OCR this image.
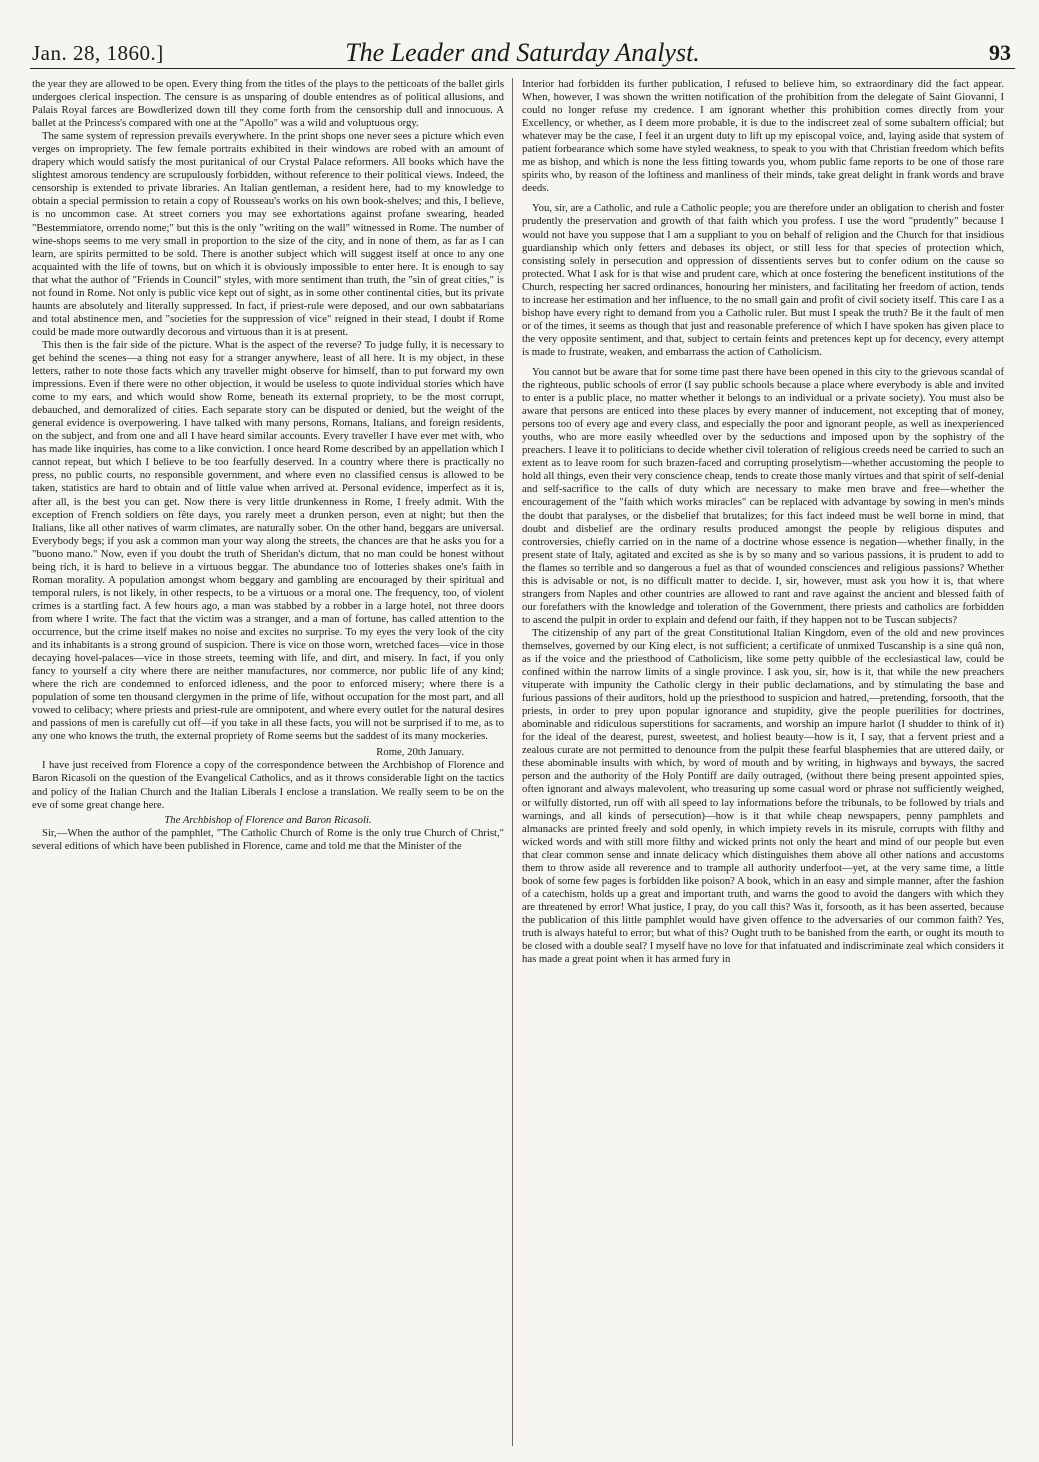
Jan. 28, 1860.]	The Leader and Saturday Analyst.	93

the year they are allowed to be open. Every thing from the titles of the plays to the petticoats of the ballet girls undergoes clerical inspection. The censure is as unsparing of double entendres as of political allusions, and Palais Royal farces are Bowdlerized down till they come forth from the censorship dull and innocuous. A ballet at the Princess's compared with one at the "Apollo" was a wild and voluptuous orgy.

The same system of repression prevails everywhere. In the print shops one never sees a picture which even verges on impropriety. The few female portraits exhibited in their windows are robed with an amount of drapery which would satisfy the most puritanical of our Crystal Palace reformers. All books which have the slightest amorous tendency are scrupulously forbidden, without reference to their political views. Indeed, the censorship is extended to private libraries. An Italian gentleman, a resident here, had to my knowledge to obtain a special permission to retain a copy of Rousseau's works on his own book-shelves; and this, I believe, is no uncommon case. At street corners you may see exhortations against profane swearing, headed "Bestemmiatore, orrendo nome;" but this is the only "writing on the wall" witnessed in Rome. The number of wine-shops seems to me very small in proportion to the size of the city, and in none of them, as far as I can learn, are spirits permitted to be sold. There is another subject which will suggest itself at once to any one acquainted with the life of towns, but on which it is obviously impossible to enter here. It is enough to say that what the author of "Friends in Council" styles, with more sentiment than truth, the "sin of great cities," is not found in Rome. Not only is public vice kept out of sight, as in some other continental cities, but its private haunts are absolutely and literally suppressed. In fact, if priest-rule were deposed, and our own sabbatarians and total abstinence men, and "societies for the suppression of vice" reigned in their stead, I doubt if Rome could be made more outwardly decorous and virtuous than it is at present.

This then is the fair side of the picture. What is the aspect of the reverse? To judge fully, it is necessary to get behind the scenes—a thing not easy for a stranger anywhere, least of all here. It is my object, in these letters, rather to note those facts which any traveller might observe for himself, than to put forward my own impressions. Even if there were no other objection, it would be useless to quote individual stories which have come to my ears, and which would show Rome, beneath its external propriety, to be the most corrupt, debauched, and demoralized of cities. Each separate story can be disputed or denied, but the weight of the general evidence is overpowering. I have talked with many persons, Romans, Italians, and foreign residents, on the subject, and from one and all I have heard similar accounts. Every traveller I have ever met with, who has made like inquiries, has come to a like conviction. I once heard Rome described by an appellation which I cannot repeat, but which I believe to be too fearfully deserved. In a country where there is practically no press, no public courts, no responsible government, and where even no classified census is allowed to be taken, statistics are hard to obtain and of little value when arrived at. Personal evidence, imperfect as it is, after all, is the best you can get. Now there is very little drunkenness in Rome, I freely admit. With the exception of French soldiers on fête days, you rarely meet a drunken person, even at night; but then the Italians, like all other natives of warm climates, are naturally sober. On the other hand, beggars are universal. Everybody begs; if you ask a common man your way along the streets, the chances are that he asks you for a "buono mano." Now, even if you doubt the truth of Sheridan's dictum, that no man could be honest without being rich, it is hard to believe in a virtuous beggar. The abundance too of lotteries shakes one's faith in Roman morality. A population amongst whom beggary and gambling are encouraged by their spiritual and temporal rulers, is not likely, in other respects, to be a virtuous or a moral one. The frequency, too, of violent crimes is a startling fact. A few hours ago, a man was stabbed by a robber in a large hotel, not three doors from where I write. The fact that the victim was a stranger, and a man of fortune, has called attention to the occurrence, but the crime itself makes no noise and excites no surprise. To my eyes the very look of the city and its inhabitants is a strong ground of suspicion. There is vice on those worn, wretched faces—vice in those decaying hovel-palaces—vice in those streets, teeming with life, and dirt, and misery. In fact, if you only fancy to yourself a city where there are neither manufactures, nor commerce, nor public life of any kind; where the rich are condemned to enforced idleness, and the poor to enforced misery; where there is a population of some ten thousand clergymen in the prime of life, without occupation for the most part, and all vowed to celibacy; where priests and priest-rule are omnipotent, and where every outlet for the natural desires and passions of men is carefully cut off—if you take in all these facts, you will not be surprised if to me, as to any one who knows the truth, the external propriety of Rome seems but the saddest of its many mockeries.

Rome, 20th January.

I have just received from Florence a copy of the correspondence between the Archbishop of Florence and Baron Ricasoli on the question of the Evangelical Catholics, and as it throws considerable light on the tactics and policy of the Italian Church and the Italian Liberals I enclose a translation. We really seem to be on the eve of some great change here.

The Archbishop of Florence and Baron Ricasoli.

Sir,—When the author of the pamphlet, "The Catholic Church of Rome is the only true Church of Christ," several editions of which have been published in Florence, came and told me that the Minister of the

Interior had forbidden its further publication, I refused to believe him, so extraordinary did the fact appear. When, however, I was shown the written notification of the prohibition from the delegate of Saint Giovanni, I could no longer refuse my credence. I am ignorant whether this prohibition comes directly from your Excellency, or whether, as I deem more probable, it is due to the indiscreet zeal of some subaltern official; but whatever may be the case, I feel it an urgent duty to lift up my episcopal voice, and, laying aside that system of patient forbearance which some have styled weakness, to speak to you with that Christian freedom which befits me as bishop, and which is none the less fitting towards you, whom public fame reports to be one of those rare spirits who, by reason of the loftiness and manliness of their minds, take great delight in frank words and brave deeds.

You, sir, are a Catholic, and rule a Catholic people; you are therefore under an obligation to cherish and foster prudently the preservation and growth of that faith which you profess. I use the word "prudently" because I would not have you suppose that I am a suppliant to you on behalf of religion and the Church for that insidious guardianship which only fetters and debases its object, or still less for that species of protection which, consisting solely in persecution and oppression of dissentients serves but to confer odium on the cause so protected. What I ask for is that wise and prudent care, which at once fostering the beneficent institutions of the Church, respecting her sacred ordinances, honouring her ministers, and facilitating her freedom of action, tends to increase her estimation and her influence, to the no small gain and profit of civil society itself. This care I as a bishop have every right to demand from you a Catholic ruler. But must I speak the truth? Be it the fault of men or of the times, it seems as though that just and reasonable preference of which I have spoken has given place to the very opposite sentiment, and that, subject to certain feints and pretences kept up for decency, every attempt is made to frustrate, weaken, and embarrass the action of Catholicism.

You cannot but be aware that for some time past there have been opened in this city to the grievous scandal of the righteous, public schools of error (I say public schools because a place where everybody is able and invited to enter is a public place, no matter whether it belongs to an individual or a private society). You must also be aware that persons are enticed into these places by every manner of inducement, not excepting that of money, persons too of every age and every class, and especially the poor and ignorant people, as well as inexperienced youths, who are more easily wheedled over by the seductions and imposed upon by the sophistry of the preachers. I leave it to politicians to decide whether civil toleration of religious creeds need be carried to such an extent as to leave room for such brazen-faced and corrupting proselytism—whether accustoming the people to hold all things, even their very conscience cheap, tends to create those manly virtues and that spirit of self-denial and self-sacrifice to the calls of duty which are necessary to make men brave and free—whether the encouragement of the "faith which works miracles" can be replaced with advantage by sowing in men's minds the doubt that paralyses, or the disbelief that brutalizes; for this fact indeed must be well borne in mind, that doubt and disbelief are the ordinary results produced amongst the people by religious disputes and controversies, chiefly carried on in the name of a doctrine whose essence is negation—whether finally, in the present state of Italy, agitated and excited as she is by so many and so various passions, it is prudent to add to the flames so terrible and so dangerous a fuel as that of wounded consciences and religious passions? Whether this is advisable or not, is no difficult matter to decide. I, sir, however, must ask you how it is, that where strangers from Naples and other countries are allowed to rant and rave against the ancient and blessed faith of our forefathers with the knowledge and toleration of the Government, there priests and catholics are forbidden to ascend the pulpit in order to explain and defend our faith, if they happen not to be Tuscan subjects?

The citizenship of any part of the great Constitutional Italian Kingdom, even of the old and new provinces themselves, governed by our King elect, is not sufficient; a certificate of unmixed Tuscanship is a sine quâ non, as if the voice and the priesthood of Catholicism, like some petty quibble of the ecclesiastical law, could be confined within the narrow limits of a single province. I ask you, sir, how is it, that while the new preachers vituperate with impunity the Catholic clergy in their public declamations, and by stimulating the base and furious passions of their auditors, hold up the priesthood to suspicion and hatred,—pretending, forsooth, that the priests, in order to prey upon popular ignorance and stupidity, give the people puerilities for doctrines, abominable and ridiculous superstitions for sacraments, and worship an impure harlot (I shudder to think of it) for the ideal of the dearest, purest, sweetest, and holiest beauty—how is it, I say, that a fervent priest and a zealous curate are not permitted to denounce from the pulpit these fearful blasphemies that are uttered daily, or these abominable insults with which, by word of mouth and by writing, in highways and byways, the sacred person and the authority of the Holy Pontiff are daily outraged, (without there being present appointed spies, often ignorant and always malevolent, who treasuring up some casual word or phrase not sufficiently weighed, or wilfully distorted, run off with all speed to lay informations before the tribunals, to be followed by trials and warnings, and all kinds of persecution)—how is it that while cheap newspapers, penny pamphlets and almanacks are printed freely and sold openly, in which impiety revels in its misrule, corrupts with filthy and wicked words and with still more filthy and wicked prints not only the heart and mind of our people but even that clear common sense and innate delicacy which distinguishes them above all other nations and accustoms them to throw aside all reverence and to trample all authority underfoot—yet, at the very same time, a little book of some few pages is forbidden like poison? A book, which in an easy and simple manner, after the fashion of a catechism, holds up a great and important truth, and warns the good to avoid the dangers with which they are threatened by error! What justice, I pray, do you call this? Was it, forsooth, as it has been asserted, because the publication of this little pamphlet would have given offence to the adversaries of our common faith? Yes, truth is always hateful to error; but what of this? Ought truth to be banished from the earth, or ought its mouth to be closed with a double seal? I myself have no love for that infatuated and indiscriminate zeal which considers it has made a great point when it has armed fury in
